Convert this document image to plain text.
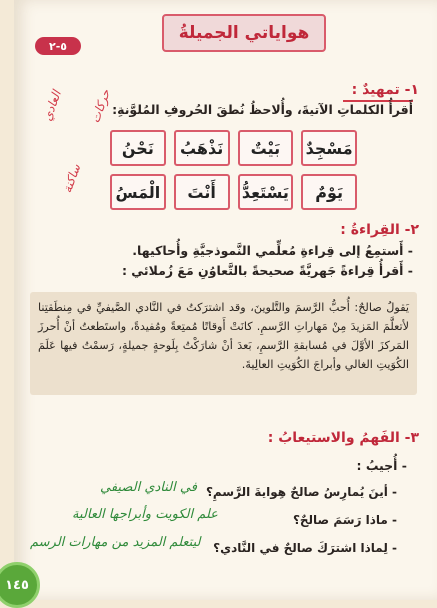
هواياتي الجميلةُ
٥-٢
العادي حركات
ساكنة
١- تمهيدٌ :
أَقرأُ الكلماتِ الآتيةَ، وأُلاحظُ نُطقَ الحُروفِ المُلوَّنةِ:
مَسْجِدٌ
بَيْتٌ
نَذْهَبُ
نَحْنُ
يَوْمٌ
يَسْتَعِدُّ
أَنْتَ
الْمَسُ
٢- القِراءةُ :
- أَستمِعُ إلى قِراءةِ مُعلِّمي النَّموذجيَّةِ وأُحاكيها.
- أَقرأُ قِراءةً جَهريَّةً صحيحةً بالتَّعاوُنِ مَعَ زُملائي :

يَقولُ صالحٌ: أُحبُّ الرَّسمَ والتَّلوينَ، وقد اشترَكتُ في النَّادي الصَّيفيِّ في مِنطَقتِنا لأتعلَّمَ المَزيدَ مِنْ مَهاراتِ الرَّسمِ. كانَتْ أَوقاتًا مُمتِعةً ومُفيدةً، واستَطعتُ أنْ أُحرزَ المَركزَ الأوَّلَ في مُسابقةِ الرَّسمِ، بَعدَ أنْ شارَكْتُ بِلَوحةٍ جميلةٍ، رَسمْتُ فيها عَلَمَ الكُوَيتِ الغالي وأبراجَ الكُوَيتِ العالِيةَ.

٣- الفَهمُ والاستيعابُ :
- أُجيبُ :
- أينَ يُمارِسُ صالحٌ هِوايةَ الرَّسمِ؟
في النادي الصيفي
- ماذا رَسَمَ صالحٌ؟
علم الكويت وأبراجها العالية
- لِماذا اشترَكَ صالحٌ في النَّادي؟
ليتعلم المزيد من مهارات الرسم
١٤٥
